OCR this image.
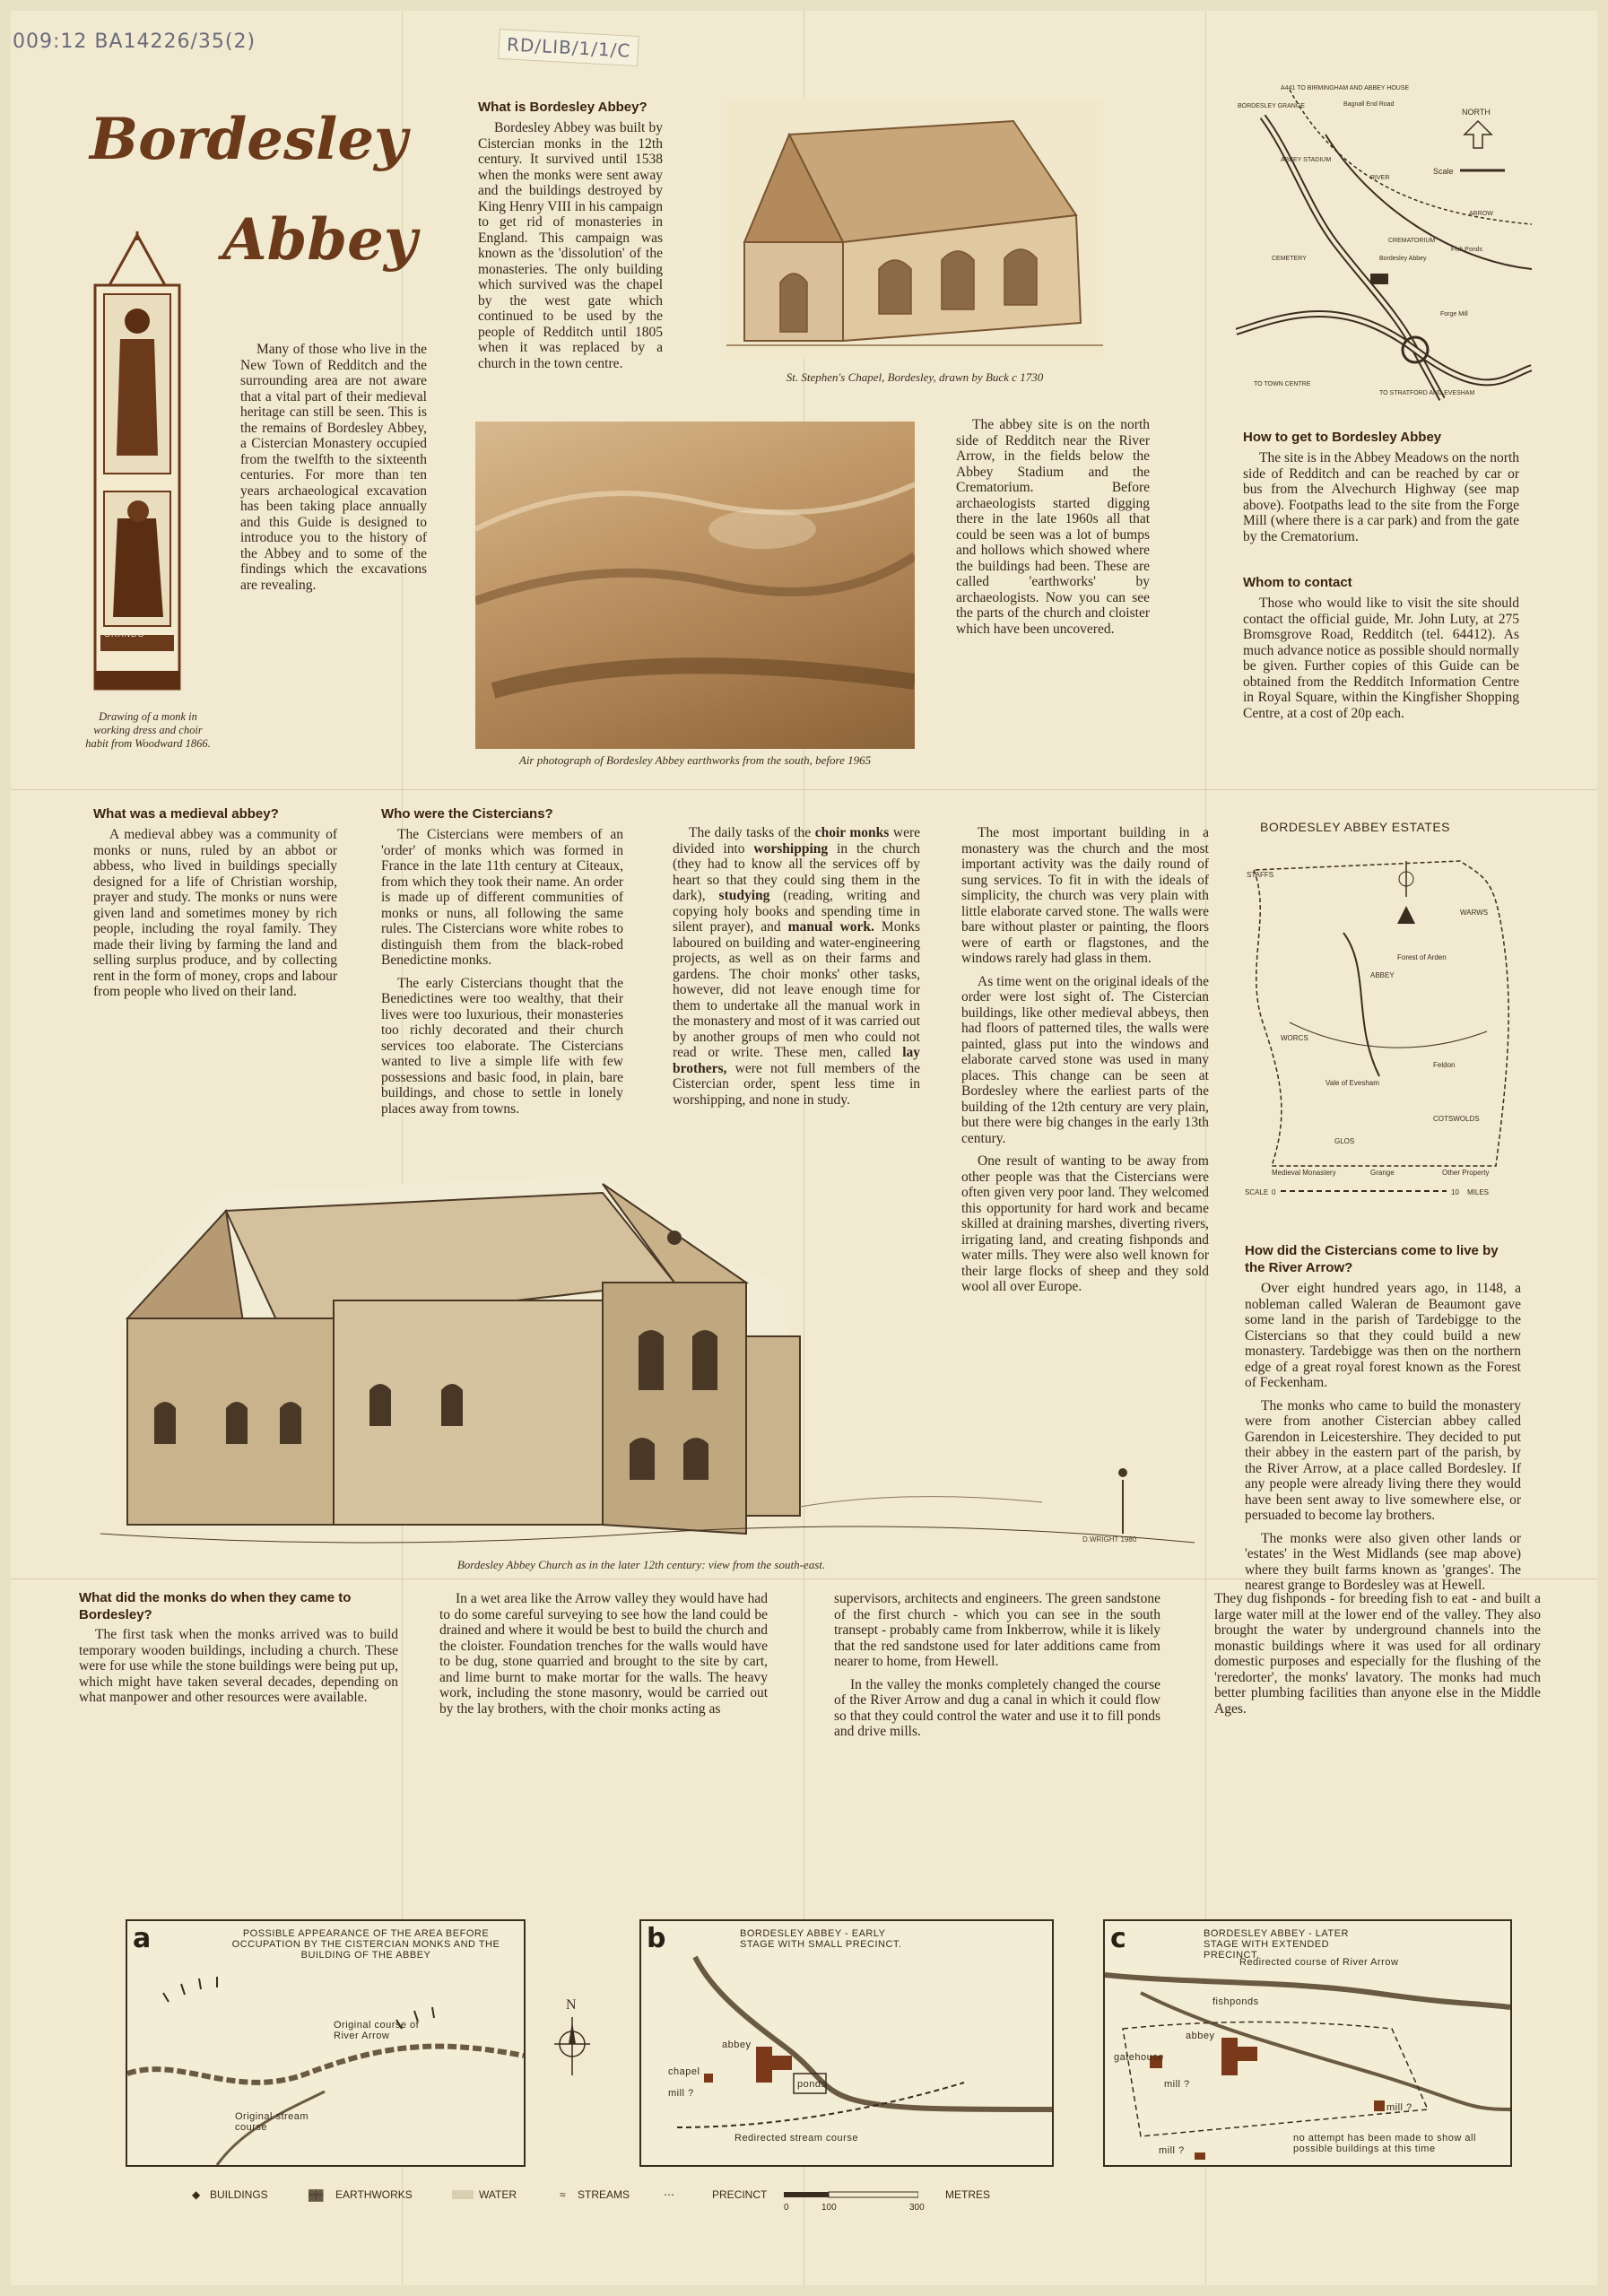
009:12 BA14226/35(2)	RD/LIB/1/1/C
Bordesley
Abbey
ORANDO
Drawing of a monk in working dress and choir habit from Woodward 1866.

Many of those who live in the New Town of Redditch and the surrounding area are not aware that a vital part of their medieval heritage can still be seen. This is the remains of Bordesley Abbey, a Cistercian Monastery occupied from the twelfth to the sixteenth centuries. For more than ten years archaeological excavation has been taking place annually and this Guide is designed to introduce you to the history of the Abbey and to some of the findings which the excavations are revealing.

What is Bordesley Abbey?

Bordesley Abbey was built by Cistercian monks in the 12th century. It survived until 1538 when the monks were sent away and the buildings destroyed by King Henry VIII in his campaign to get rid of monasteries in England. This campaign was known as the 'dissolution' of the monasteries. The only building which survived was the chapel by the west gate which continued to be used by the people of Redditch until 1805 when it was replaced by a church in the town centre.

St. Stephen's Chapel, Bordesley, drawn by Buck c 1730
Air photograph of Bordesley Abbey earthworks from the south, before 1965

The abbey site is on the north side of Redditch near the River Arrow, in the fields below the Abbey Stadium and the Crematorium. Before archaeologists started digging there in the late 1960s all that could be seen was a lot of bumps and hollows which showed where the buildings had been. These are called 'earthworks' by archaeologists. Now you can see the parts of the church and cloister which have been uncovered.

NORTH
Scale
BORDESLEY GRANGE
A441 TO BIRMINGHAM AND ABBEY HOUSE
Bagnall End Road
ABBEY STADIUM
RIVER
ARROW
CREMATORIUM
CEMETERY	Bordesley Abbey
Fish Ponds
Forge Mill
TO TOWN CENTRE
TO STRATFORD AND EVESHAM
How to get to Bordesley Abbey

The site is in the Abbey Meadows on the north side of Redditch and can be reached by car or bus from the Alvechurch Highway (see map above). Footpaths lead to the site from the Forge Mill (where there is a car park) and from the gate by the Crematorium.

Whom to contact

Those who would like to visit the site should contact the official guide, Mr. John Luty, at 275 Bromsgrove Road, Redditch (tel. 64412). As much advance notice as possible should normally be given. Further copies of this Guide can be obtained from the Redditch Information Centre in Royal Square, within the Kingfisher Shopping Centre, at a cost of 20p each.

What was a medieval abbey?

A medieval abbey was a community of monks or nuns, ruled by an abbot or abbess, who lived in buildings specially designed for a life of Christian worship, prayer and study. The monks or nuns were given land and sometimes money by rich people, including the royal family. They made their living by farming the land and selling surplus produce, and by collecting rent in the form of money, crops and labour from people who lived on their land.

Who were the Cistercians?

The Cistercians were members of an 'order' of monks which was formed in France in the late 11th century at Citeaux, from which they took their name. An order is made up of different communities of monks or nuns, all following the same rules. The Cistercians wore white robes to distinguish them from the black-robed Benedictine monks.

The early Cistercians thought that the Benedictines were too wealthy, that their lives were too luxurious, their monasteries too richly decorated and their church services too elaborate. The Cistercians wanted to live a simple life with few possessions and basic food, in plain, bare buildings, and chose to settle in lonely places away from towns.

The daily tasks of the choir monks were divided into worshipping in the church (they had to know all the services off by heart so that they could sing them in the dark), studying (reading, writing and copying holy books and spending time in silent prayer), and manual work. Monks laboured on building and water-engineering projects, as well as on their farms and gardens. The choir monks' other tasks, however, did not leave enough time for them to undertake all the manual work in the monastery and most of it was carried out by another groups of men who could not read or write. These men, called lay brothers, were not full members of the Cistercian order, spent less time in worshipping, and none in study.

The most important building in a monastery was the church and the most important activity was the daily round of sung services. To fit in with the ideals of simplicity, the church was very plain with little elaborate carved stone. The walls were bare without plaster or painting, the floors were of earth or flagstones, and the windows rarely had glass in them.

As time went on the original ideals of the order were lost sight of. The Cistercian buildings, like other medieval abbeys, then had floors of patterned tiles, the walls were painted, glass put into the windows and elaborate carved stone was used in many places. This change can be seen at Bordesley where the earliest parts of the building of the 12th century are very plain, but there were big changes in the early 13th century.

One result of wanting to be away from other people was that the Cistercians were often given very poor land. They welcomed this opportunity for hard work and became skilled at draining marshes, diverting rivers, irrigating land, and creating fishponds and water mills. They were also well known for their large flocks of sheep and they sold wool all over Europe.

BORDESLEY ABBEY ESTATES
STAFFS
WARWS
ABBEY
Forest of Arden
WORCS
Vale of Evesham
GLOS
Feldon
COTSWOLDS
Medieval Monastery	Grange	Other Property
SCALE 0	10 MILES
How did the Cistercians come to live by the River Arrow?

Over eight hundred years ago, in 1148, a nobleman called Waleran de Beaumont gave some land in the parish of Tardebigge to the Cistercians so that they could build a new monastery. Tardebigge was then on the northern edge of a great royal forest known as the Forest of Feckenham.

The monks who came to build the monastery were from another Cistercian abbey called Garendon in Leicestershire. They decided to put their abbey in the eastern part of the parish, by the River Arrow, at a place called Bordesley. If any people were already living there they would have been sent away to live somewhere else, or persuaded to become lay brothers.

The monks were also given other lands or 'estates' in the West Midlands (see map above) where they built farms known as 'granges'. The nearest grange to Bordesley was at Hewell.

D.WRIGHT 1980
Bordesley Abbey Church as in the later 12th century: view from the south-east.
What did the monks do when they came to Bordesley?

The first task when the monks arrived was to build temporary wooden buildings, including a church. These were for use while the stone buildings were being put up, which might have taken several decades, depending on what manpower and other resources were available.

In a wet area like the Arrow valley they would have had to do some careful surveying to see how the land could be drained and where it would be best to build the church and the cloister. Foundation trenches for the walls would have to be dug, stone quarried and brought to the site by cart, and lime burnt to make mortar for the walls. The heavy work, including the stone masonry, would be carried out by the lay brothers, with the choir monks acting as

supervisors, architects and engineers. The green sandstone of the first church - which you can see in the south transept - probably came from Inkberrow, while it is likely that the red sandstone used for later additions came from nearer to home, from Hewell.

In the valley the monks completely changed the course of the River Arrow and dug a canal in which it could flow so that they could control the water and use it to fill ponds and drive mills.

They dug fishponds - for breeding fish to eat - and built a large water mill at the lower end of the valley. They also brought the water by underground channels into the monastic buildings where it was used for all ordinary domestic purposes and especially for the flushing of the 'reredorter', the monks' lavatory. The monks had much better plumbing facilities than anyone else in the Middle Ages.

a	POSSIBLE APPEARANCE OF THE AREA BEFORE OCCUPATION BY THE CISTERCIAN MONKS AND THE BUILDING OF THE ABBEY
Original course of River Arrow
Original stream course
N
b	BORDESLEY ABBEY - EARLY STAGE WITH SMALL PRECINCT.
abbey
chapel
mill ?
ponds
Redirected stream course
c	BORDESLEY ABBEY - LATER STAGE WITH EXTENDED PRECINCT.
Redirected course of River Arrow
fishponds
abbey
gatehouse
mill ?
mill ?
mill ?
no attempt has been made to show all possible buildings at this time
◆ BUILDINGS	▓▓ EARTHWORKS	WATER	≈ STREAMS	⋯	PRECINCT
0	100	300
METRES
